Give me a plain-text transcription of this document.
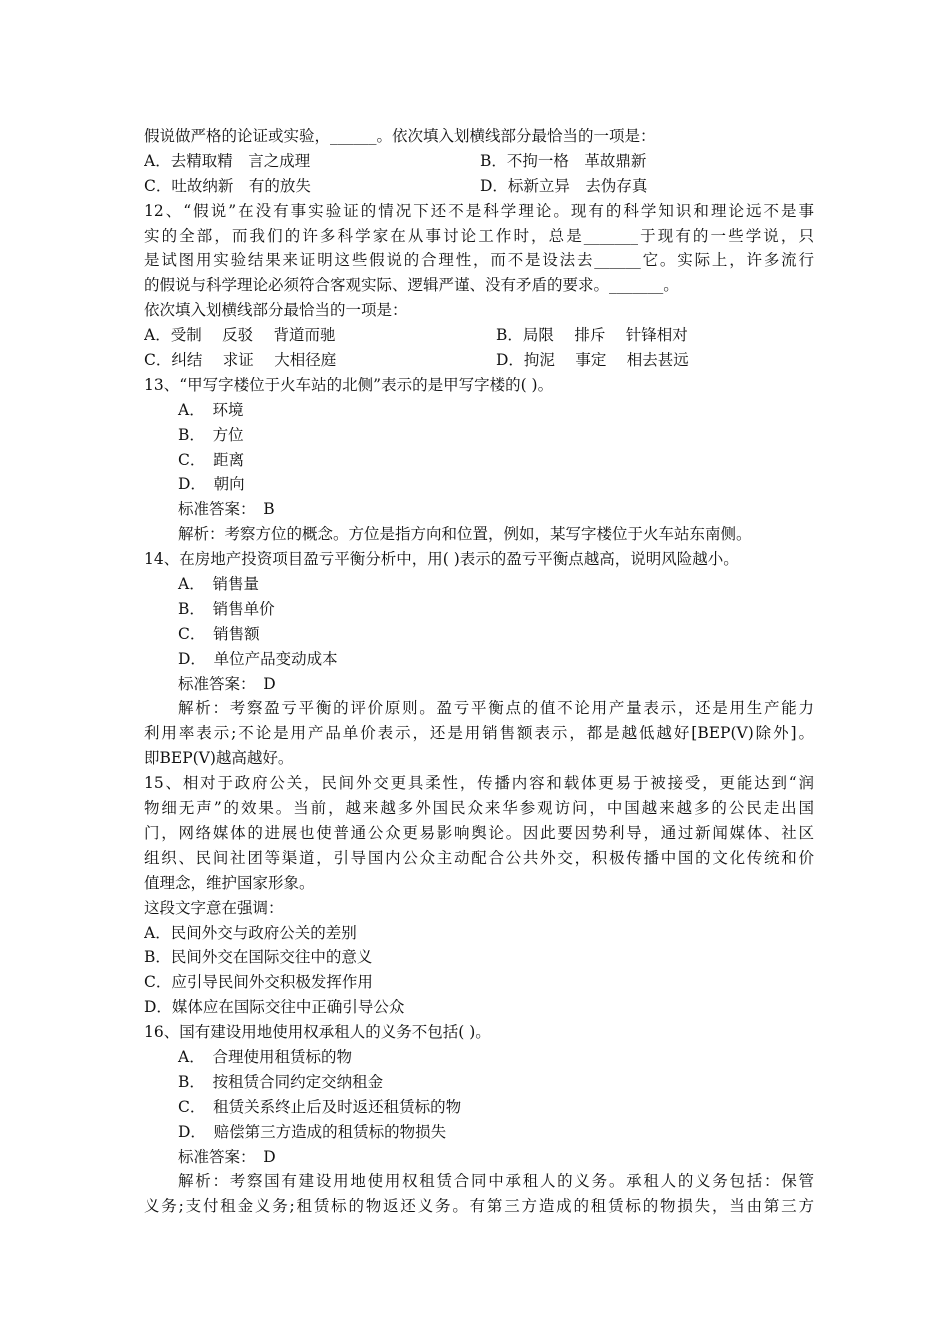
假说做严格的论证或实验，______。依次填入划横线部分最恰当的一项是：
A．去精取精　言之成理	B．不拘一格　革故鼎新
C．吐故纳新　有的放失	D．标新立异　去伪存真
12、“假说”在没有事实验证的情况下还不是科学理论。现有的科学知识和理论远不是事
实的全部，而我们的许多科学家在从事讨论工作时，总是_______于现有的一些学说，只
是试图用实验结果来证明这些假说的合理性，而不是设法去______它。实际上，许多流行
的假说与科学理论必须符合客观实际、逻辑严谨、没有矛盾的要求。_______。
依次填入划横线部分最恰当的一项是：
A．受制　 反驳　 背道而驰	B．局限　 排斥　 针锋相对
C．纠结　 求证　 大相径庭	D．拘泥　 事定　 相去甚远
13、“甲写字楼位于火车站的北侧”表示的是甲写字楼的( )。
A．　环境
B．　方位
C．　距离
D．　朝向
标准答案：　B
解析：考察方位的概念。方位是指方向和位置，例如，某写字楼位于火车站东南侧。
14、在房地产投资项目盈亏平衡分析中，用( )表示的盈亏平衡点越高，说明风险越小。
A．　销售量
B．　销售单价
C．　销售额
D．　单位产品变动成本
标准答案：　D
解析：考察盈亏平衡的评价原则。盈亏平衡点的值不论用产量表示，还是用生产能力
利用率表示;不论是用产品单价表示，还是用销售额表示，都是越低越好[BEP(V)除外]。
即BEP(V)越高越好。
15、相对于政府公关，民间外交更具柔性，传播内容和载体更易于被接受，更能达到“润
物细无声”的效果。当前，越来越多外国民众来华参观访问，中国越来越多的公民走出国
门，网络媒体的进展也使普通公众更易影响舆论。因此要因势利导，通过新闻媒体、社区
组织、民间社团等渠道，引导国内公众主动配合公共外交，积极传播中国的文化传统和价
值理念，维护国家形象。
这段文字意在强调：
A．民间外交与政府公关的差别
B．民间外交在国际交往中的意义
C．应引导民间外交积极发挥作用
D．媒体应在国际交往中正确引导公众
16、国有建设用地使用权承租人的义务不包括( )。
A．　合理使用租赁标的物
B．　按租赁合同约定交纳租金
C．　租赁关系终止后及时返还租赁标的物
D．　赔偿第三方造成的租赁标的物损失
标准答案：　D
解析：考察国有建设用地使用权租赁合同中承租人的义务。承租人的义务包括：保管
义务;支付租金义务;租赁标的物返还义务。有第三方造成的租赁标的物损失，当由第三方
